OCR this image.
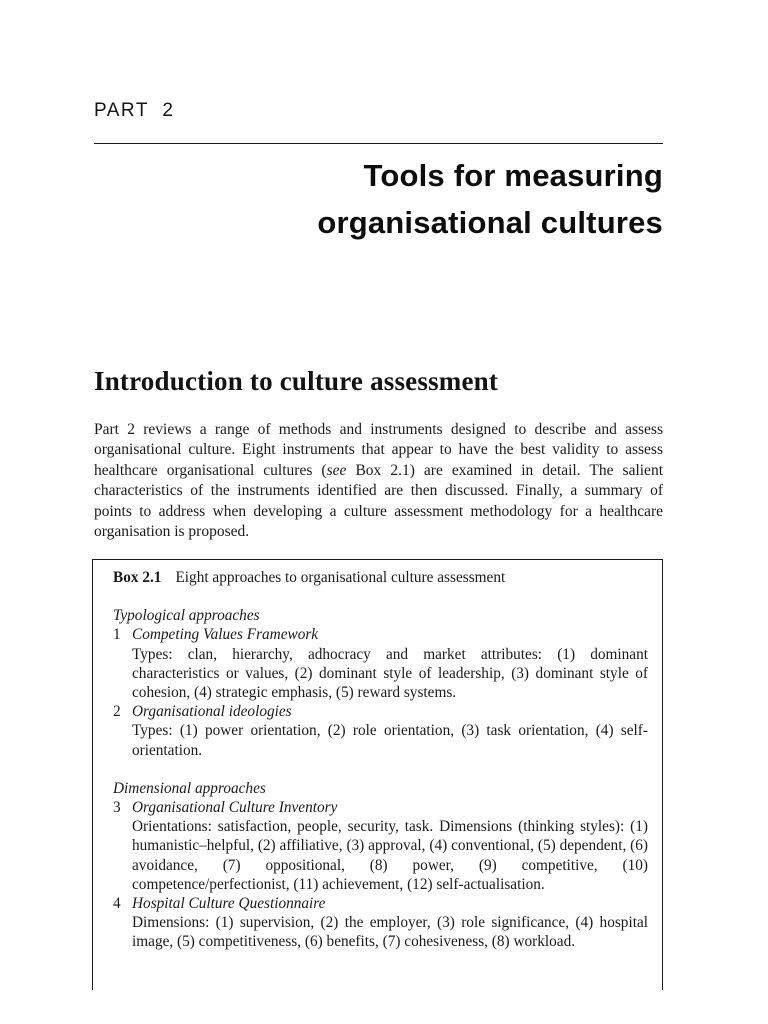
PART 2
Tools for measuring
organisational cultures
Introduction to culture assessment

Part 2 reviews a range of methods and instruments designed to describe and assess organisational culture. Eight instruments that appear to have the best validity to assess healthcare organisational cultures (see Box 2.1) are examined in detail. The salient characteristics of the instruments identified are then discussed. Finally, a summary of points to address when developing a culture assessment methodology for a healthcare organisation is proposed.

Box 2.1 Eight approaches to organisational culture assessment
Typological approaches
1 Competing Values Framework
Types: clan, hierarchy, adhocracy and market attributes: (1) dominant characteristics or values, (2) dominant style of leadership, (3) dominant style of cohesion, (4) strategic emphasis, (5) reward systems.
2 Organisational ideologies
Types: (1) power orientation, (2) role orientation, (3) task orientation, (4) self-orientation.
Dimensional approaches
3 Organisational Culture Inventory
Orientations: satisfaction, people, security, task. Dimensions (thinking styles): (1) humanistic–helpful, (2) affiliative, (3) approval, (4) conventional, (5) dependent, (6) avoidance, (7) oppositional, (8) power, (9) competitive, (10) competence/perfectionist, (11) achievement, (12) self-actualisation.
4 Hospital Culture Questionnaire
Dimensions: (1) supervision, (2) the employer, (3) role significance, (4) hospital image, (5) competitiveness, (6) benefits, (7) cohesiveness, (8) workload.
